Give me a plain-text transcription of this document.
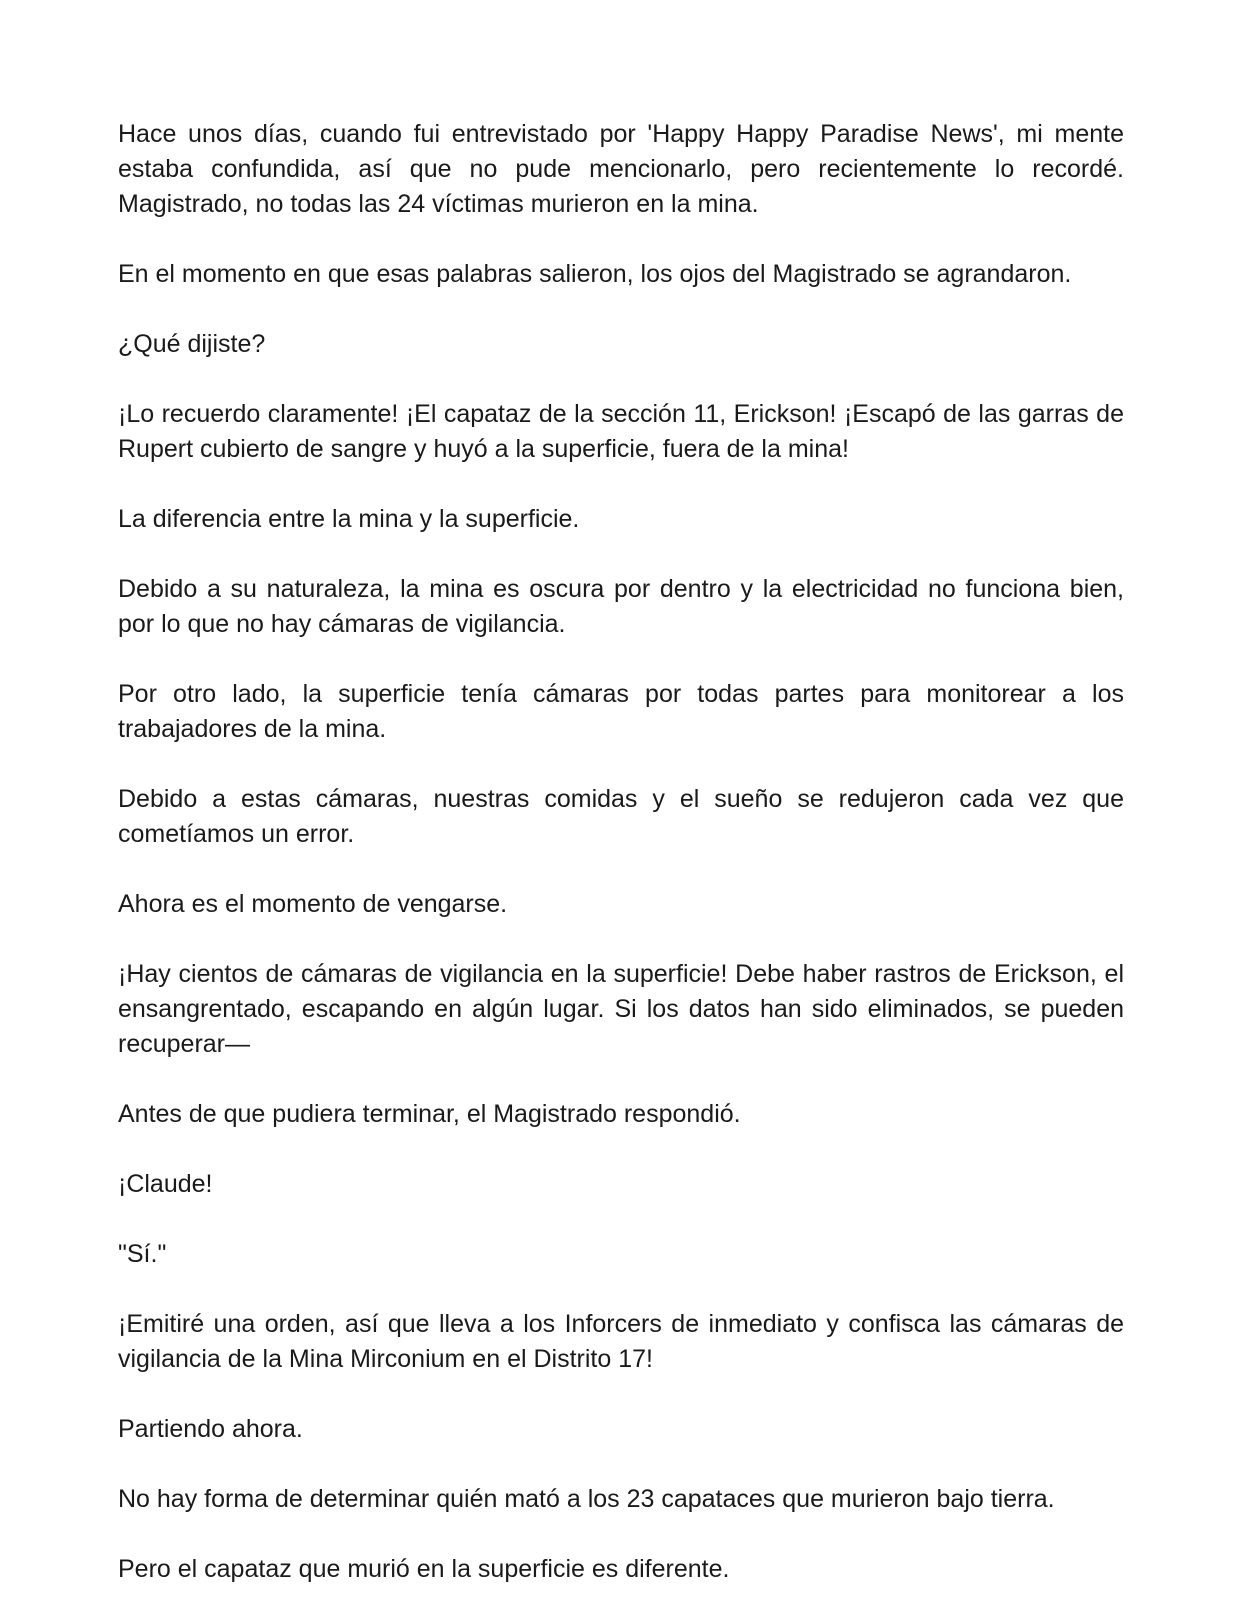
Hace unos días, cuando fui entrevistado por 'Happy Happy Paradise News', mi mente estaba confundida, así que no pude mencionarlo, pero recientemente lo recordé. Magistrado, no todas las 24 víctimas murieron en la mina.

En el momento en que esas palabras salieron, los ojos del Magistrado se agrandaron.

¿Qué dijiste?

¡Lo recuerdo claramente! ¡El capataz de la sección 11, Erickson! ¡Escapó de las garras de Rupert cubierto de sangre y huyó a la superficie, fuera de la mina!

La diferencia entre la mina y la superficie.

Debido a su naturaleza, la mina es oscura por dentro y la electricidad no funciona bien, por lo que no hay cámaras de vigilancia.

Por otro lado, la superficie tenía cámaras por todas partes para monitorear a los trabajadores de la mina.

Debido a estas cámaras, nuestras comidas y el sueño se redujeron cada vez que cometíamos un error.

Ahora es el momento de vengarse.

¡Hay cientos de cámaras de vigilancia en la superficie! Debe haber rastros de Erickson, el ensangrentado, escapando en algún lugar. Si los datos han sido eliminados, se pueden recuperar—

Antes de que pudiera terminar, el Magistrado respondió.

¡Claude!

"Sí."

¡Emitiré una orden, así que lleva a los Inforcers de inmediato y confisca las cámaras de vigilancia de la Mina Mirconium en el Distrito 17!

Partiendo ahora.

No hay forma de determinar quién mató a los 23 capataces que murieron bajo tierra.

Pero el capataz que murió en la superficie es diferente.
